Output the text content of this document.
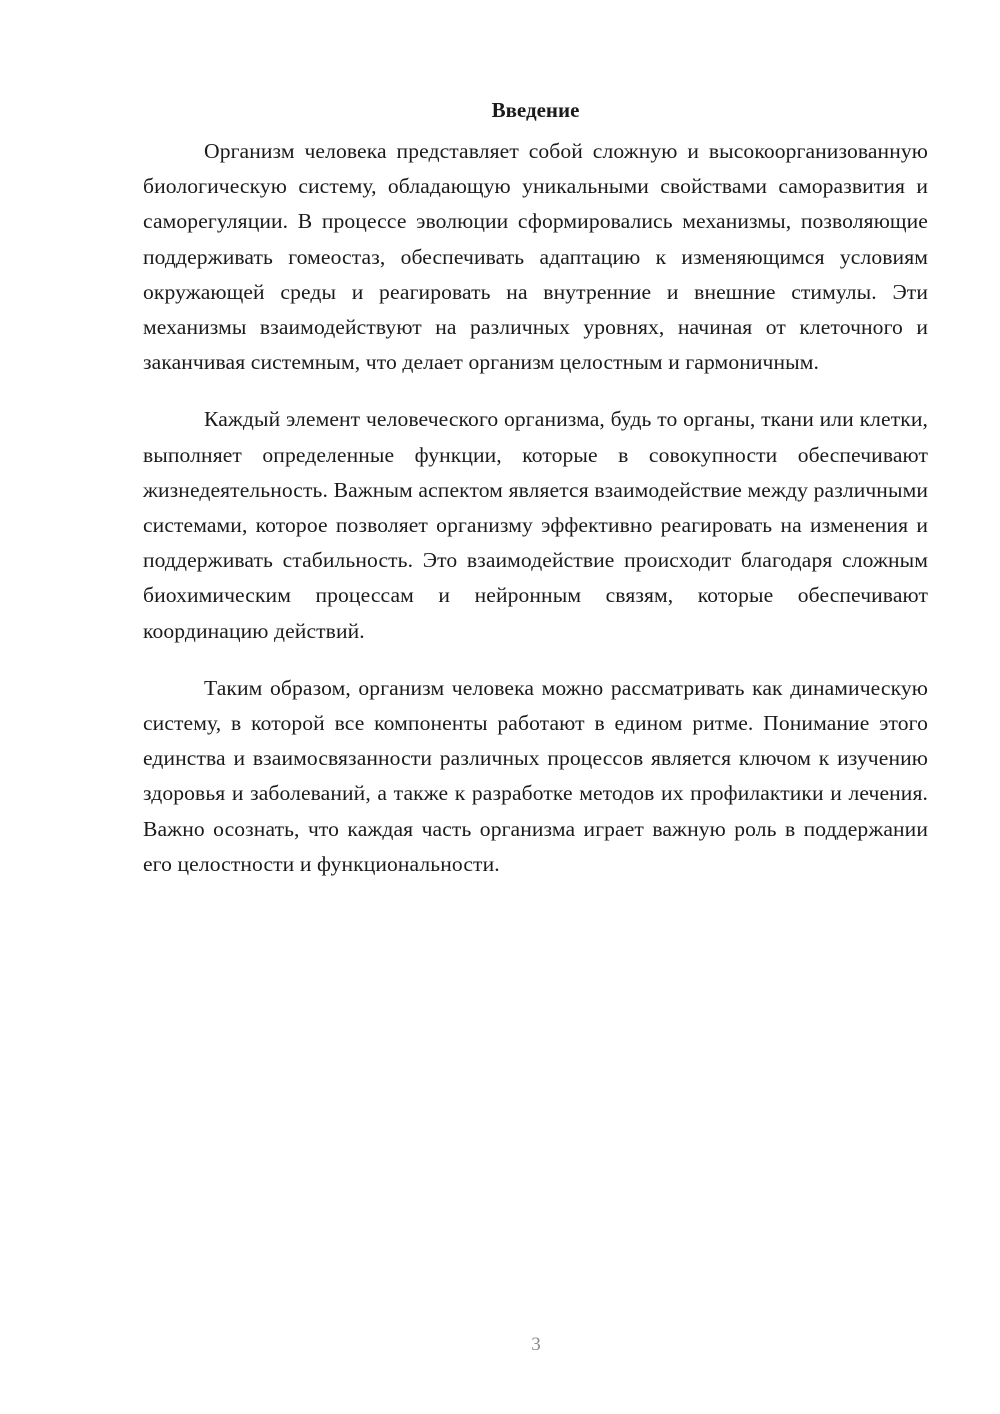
Введение

Организм человека представляет собой сложную и высокоорганизованную биологическую систему, обладающую уникальными свойствами саморазвития и саморегуляции. В процессе эволюции сформировались механизмы, позволяющие поддерживать гомеостаз, обеспечивать адаптацию к изменяющимся условиям окружающей среды и реагировать на внутренние и внешние стимулы. Эти механизмы взаимодействуют на различных уровнях, начиная от клеточного и заканчивая системным, что делает организм целостным и гармоничным.

Каждый элемент человеческого организма, будь то органы, ткани или клетки, выполняет определенные функции, которые в совокупности обеспечивают жизнедеятельность. Важным аспектом является взаимодействие между различными системами, которое позволяет организму эффективно реагировать на изменения и поддерживать стабильность. Это взаимодействие происходит благодаря сложным биохимическим процессам и нейронным связям, которые обеспечивают координацию действий.

Таким образом, организм человека можно рассматривать как динамическую систему, в которой все компоненты работают в едином ритме. Понимание этого единства и взаимосвязанности различных процессов является ключом к изучению здоровья и заболеваний, а также к разработке методов их профилактики и лечения. Важно осознать, что каждая часть организма играет важную роль в поддержании его целостности и функциональности.

3
